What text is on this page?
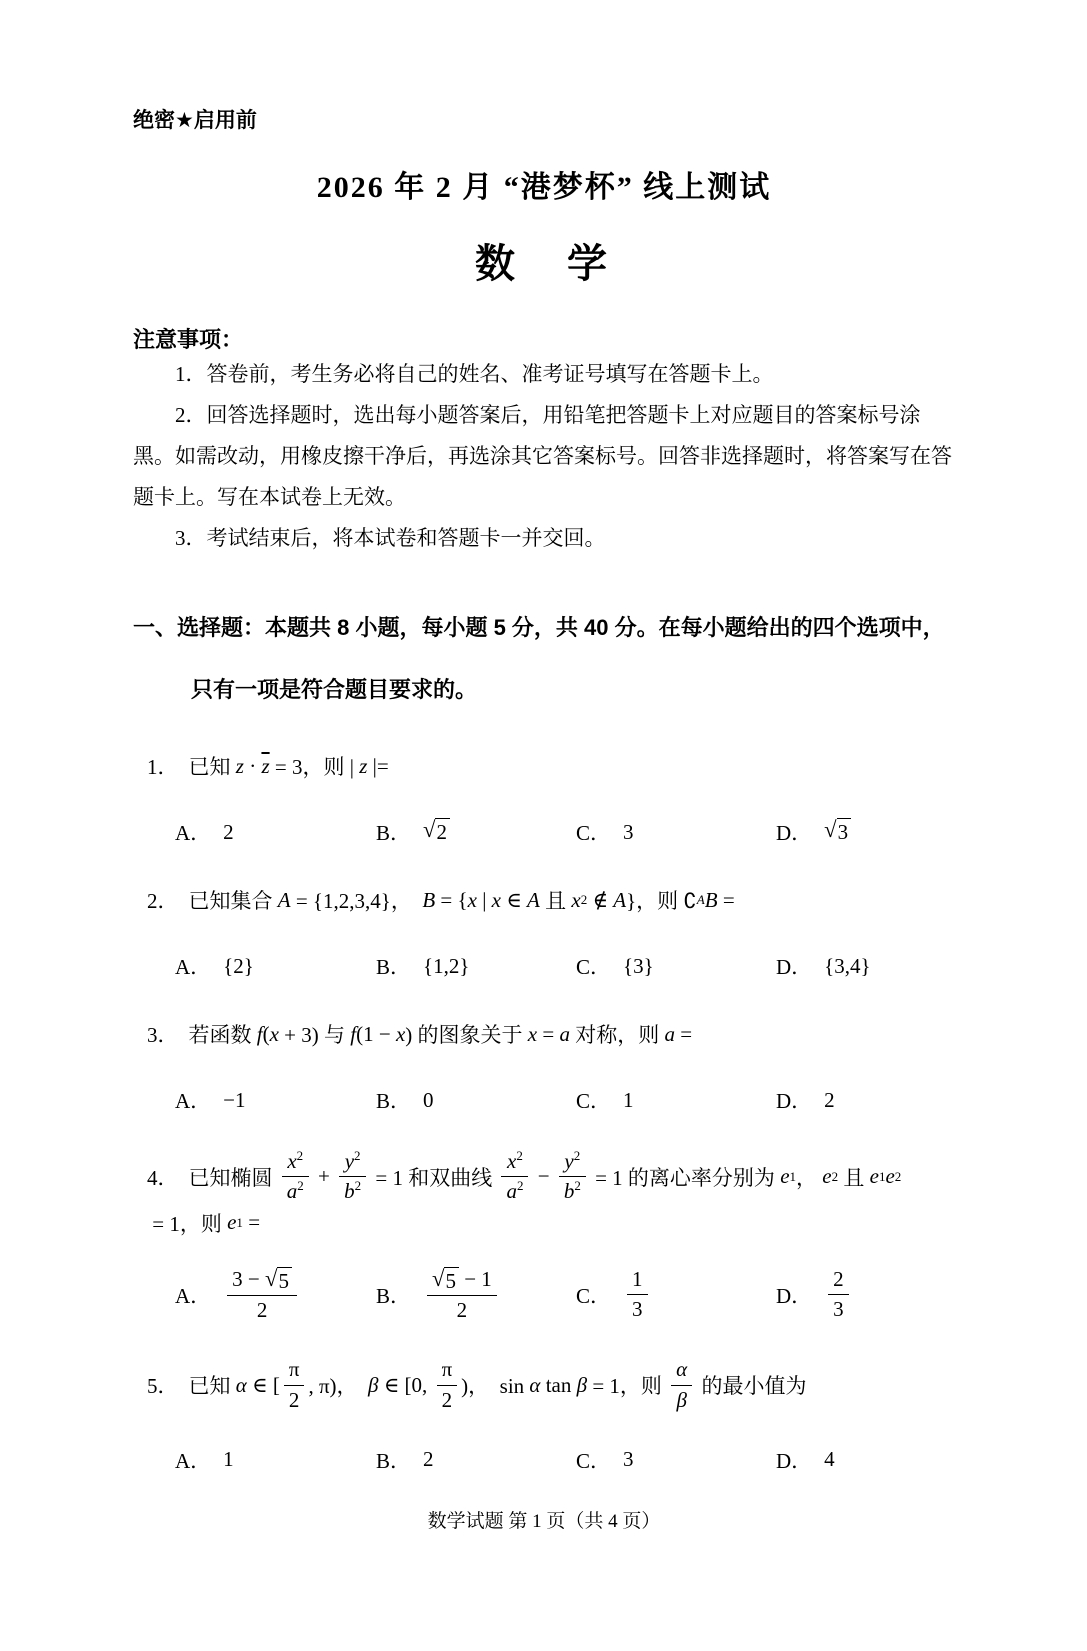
绝密★启用前
2026 年 2 月 “港梦杯” 线上测试
数　学
注意事项：
1．答卷前，考生务必将自己的姓名、准考证号填写在答题卡上。
2．回答选择题时，选出每小题答案后，用铅笔把答题卡上对应题目的答案标号涂黑。如需改动，用橡皮擦干净后，再选涂其它答案标号。回答非选择题时，将答案写在答题卡上。写在本试卷上无效。
3．考试结束后，将本试卷和答题卡一并交回。
一、选择题：本题共 8 小题，每小题 5 分，共 40 分。在每小题给出的四个选项中，只有一项是符合题目要求的。
1． 已知 $z \cdot \overline{z} = 3$，则 | z |=
A． 2	B． √ 2	C． 3	D． √ 3
2． 已知集合 A = {1,2,3,4}，　 B = { x | x ∈ A 且 x 2 ∉ A }，则 ∁ A B =
A． {2}	B． {1,2}	C． {3}	D． {3,4}
3． 若函数 f ( x + 3) 与 f (1 − x ) 的图象关于 x = a 对称，则 a =
A． −1	B． 0	C． 1	D． 2
4． 已知椭圆 $\frac{x^2}{a^2} + \frac{y^2}{b^2} = 1$ 和双曲线 $\frac{x^2}{a^2} - \frac{y^2}{b^2} = 1$ 的离心率分别为 e 1 ， e 2 且 e 1 e 2
= 1，则 e 1 =
A． $\frac{3 - √ 5}{2}$	B． $\frac{√ 5 - 1}{2}$	C． $\frac{1}{3}$	D． $\frac{2}{3}$
5． 已知 α ∈ [ $\frac{\pi}{2}$ , π)，　 β ∈ [0, $\frac{\pi}{2}$ )，　sin α tan β = 1，则 $\frac{\alpha}{\beta}$ 的最小值为
A． 1	B． 2	C． 3	D． 4
数学试题 第 1 页（共 4 页）
